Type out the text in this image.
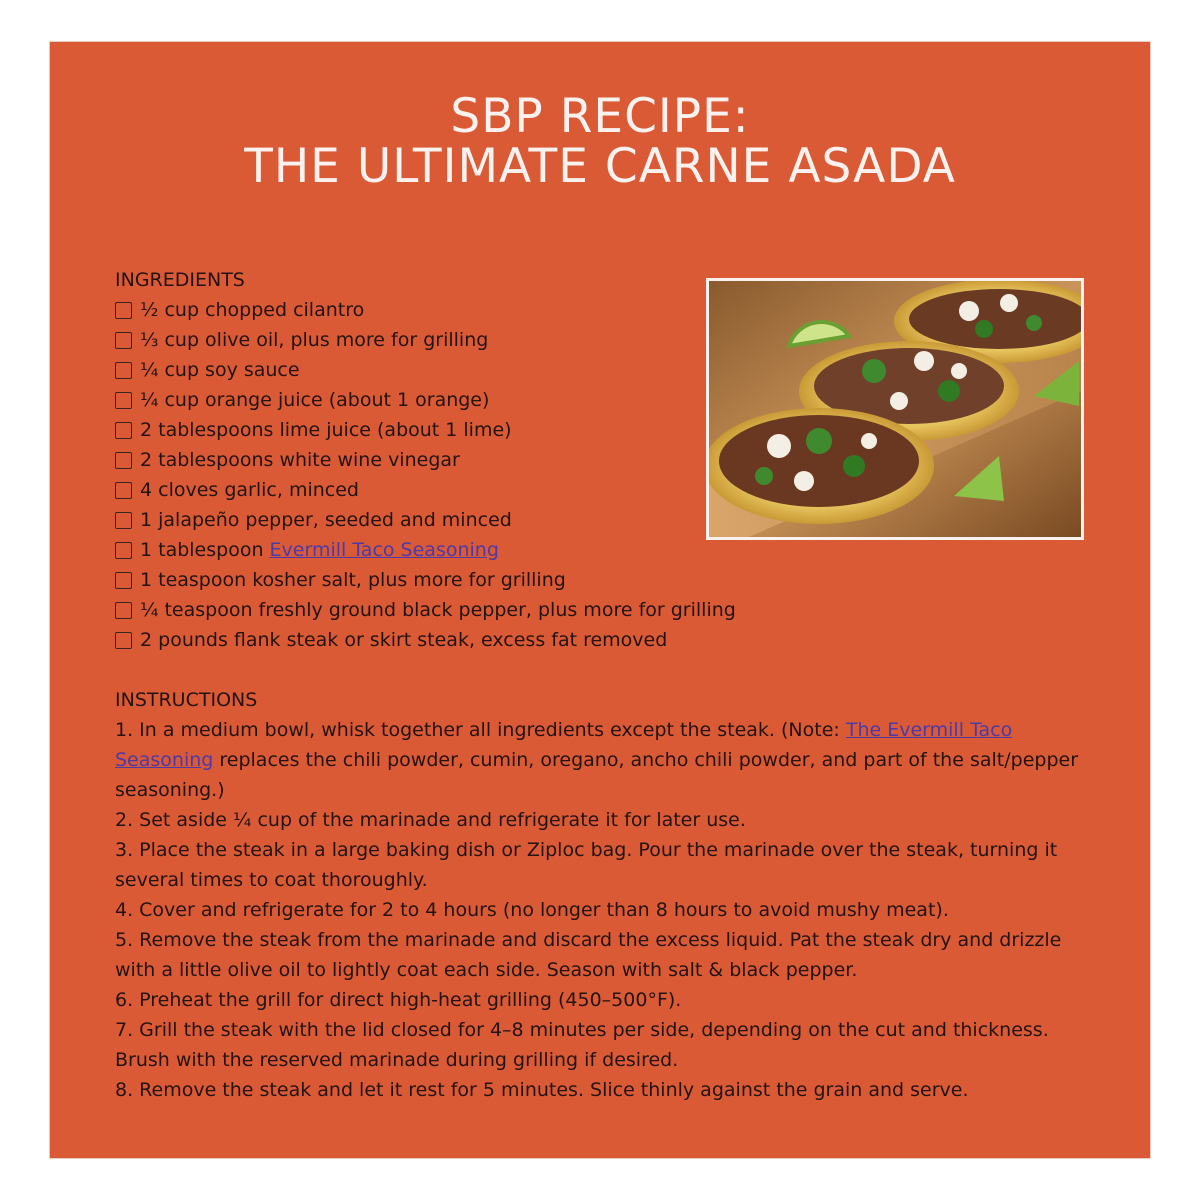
SBP RECIPE:
THE ULTIMATE CARNE ASADA
INGREDIENTS
½ cup chopped cilantro
⅓ cup olive oil, plus more for grilling
¼ cup soy sauce
¼ cup orange juice (about 1 orange)
2 tablespoons lime juice (about 1 lime)
2 tablespoons white wine vinegar
4 cloves garlic, minced
1 jalapeño pepper, seeded and minced
1 tablespoon Evermill Taco Seasoning
1 teaspoon kosher salt, plus more for grilling
¼ teaspoon freshly ground black pepper, plus more for grilling
2 pounds flank steak or skirt steak, excess fat removed
INSTRUCTIONS

1. In a medium bowl, whisk together all ingredients except the steak. (Note: The Evermill Taco Seasoning replaces the chili powder, cumin, oregano, ancho chili powder, and part of the salt/pepper seasoning.)

2. Set aside ¼ cup of the marinade and refrigerate it for later use.

3. Place the steak in a large baking dish or Ziploc bag. Pour the marinade over the steak, turning it several times to coat thoroughly.

4. Cover and refrigerate for 2 to 4 hours (no longer than 8 hours to avoid mushy meat).

5. Remove the steak from the marinade and discard the excess liquid. Pat the steak dry and drizzle with a little olive oil to lightly coat each side. Season with salt & black pepper.

6. Preheat the grill for direct high-heat grilling (450–500°F).

7. Grill the steak with the lid closed for 4–8 minutes per side, depending on the cut and thickness. Brush with the reserved marinade during grilling if desired.

8. Remove the steak and let it rest for 5 minutes. Slice thinly against the grain and serve.
